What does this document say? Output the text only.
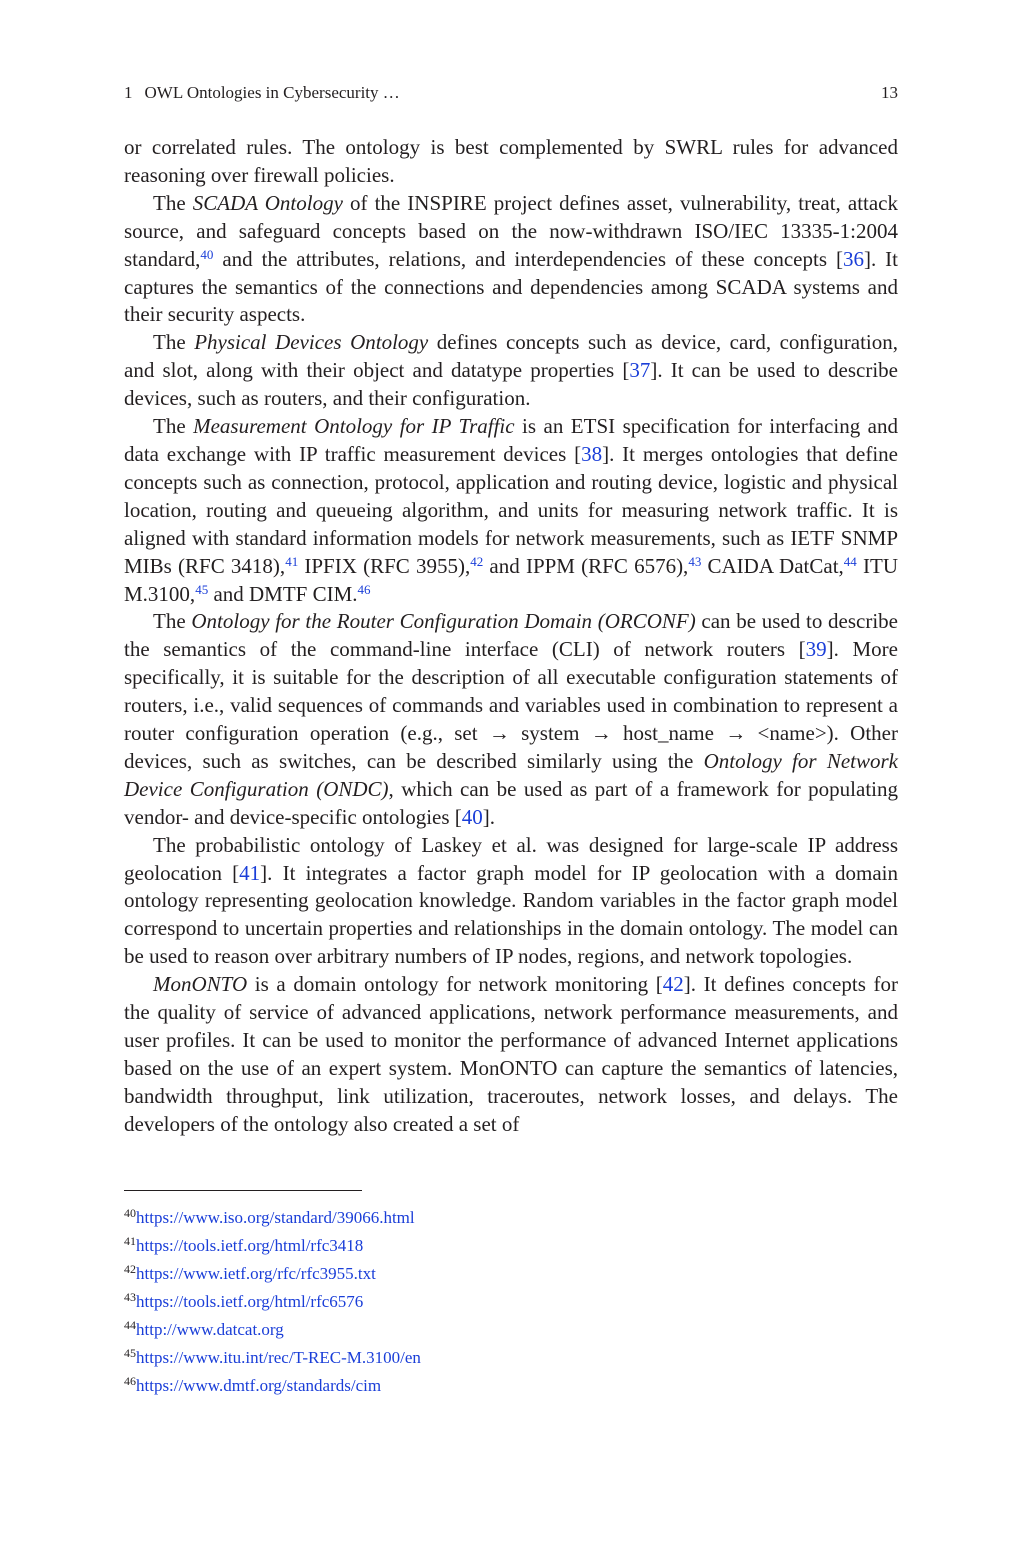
1 OWL Ontologies in Cybersecurity …	13

or correlated rules. The ontology is best complemented by SWRL rules for advanced reasoning over firewall policies.

The SCADA Ontology of the INSPIRE project defines asset, vulnerability, treat, attack source, and safeguard concepts based on the now-withdrawn ISO/IEC 13335-1:2004 standard,$^{40}$ and the attributes, relations, and interdependencies of these concepts [36]. It captures the semantics of the connections and dependencies among SCADA systems and their security aspects.

The Physical Devices Ontology defines concepts such as device, card, configuration, and slot, along with their object and datatype properties [37]. It can be used to describe devices, such as routers, and their configuration.

The Measurement Ontology for IP Traffic is an ETSI specification for interfacing and data exchange with IP traffic measurement devices [38]. It merges ontologies that define concepts such as connection, protocol, application and routing device, logistic and physical location, routing and queueing algorithm, and units for measuring network traffic. It is aligned with standard information models for network measurements, such as IETF SNMP MIBs (RFC 3418),$^{41}$ IPFIX (RFC 3955),$^{42}$ and IPPM (RFC 6576),$^{43}$ CAIDA DatCat,$^{44}$ ITU M.3100,45 and DMTF CIM.$^{46}$

The Ontology for the Router Configuration Domain (ORCONF) can be used to describe the semantics of the command-line interface (CLI) of network routers [39]. More specifically, it is suitable for the description of all executable configuration statements of routers, i.e., valid sequences of commands and variables used in combination to represent a router configuration operation (e.g., set → system → host_name → <name>). Other devices, such as switches, can be described similarly using the Ontology for Network Device Configuration (ONDC), which can be used as part of a framework for populating vendor- and device-specific ontologies [40].

The probabilistic ontology of Laskey et al. was designed for large-scale IP address geolocation [41]. It integrates a factor graph model for IP geolocation with a domain ontology representing geolocation knowledge. Random variables in the factor graph model correspond to uncertain properties and relationships in the domain ontology. The model can be used to reason over arbitrary numbers of IP nodes, regions, and network topologies.

MonONTO is a domain ontology for network monitoring [42]. It defines concepts for the quality of service of advanced applications, network performance measurements, and user profiles. It can be used to monitor the performance of advanced Internet applications based on the use of an expert system. MonONTO can capture the semantics of latencies, bandwidth throughput, link utilization, traceroutes, network losses, and delays. The developers of the ontology also created a set of

$^{40}$https://www.iso.org/standard/39066.html
$^{41}$https://tools.ietf.org/html/rfc3418
$^{42}$https://www.ietf.org/rfc/rfc3955.txt
$^{43}$https://tools.ietf.org/html/rfc6576
$^{44}$http://www.datcat.org
$^{45}$https://www.itu.int/rec/T-REC-M.3100/en
$^{46}$https://www.dmtf.org/standards/cim
